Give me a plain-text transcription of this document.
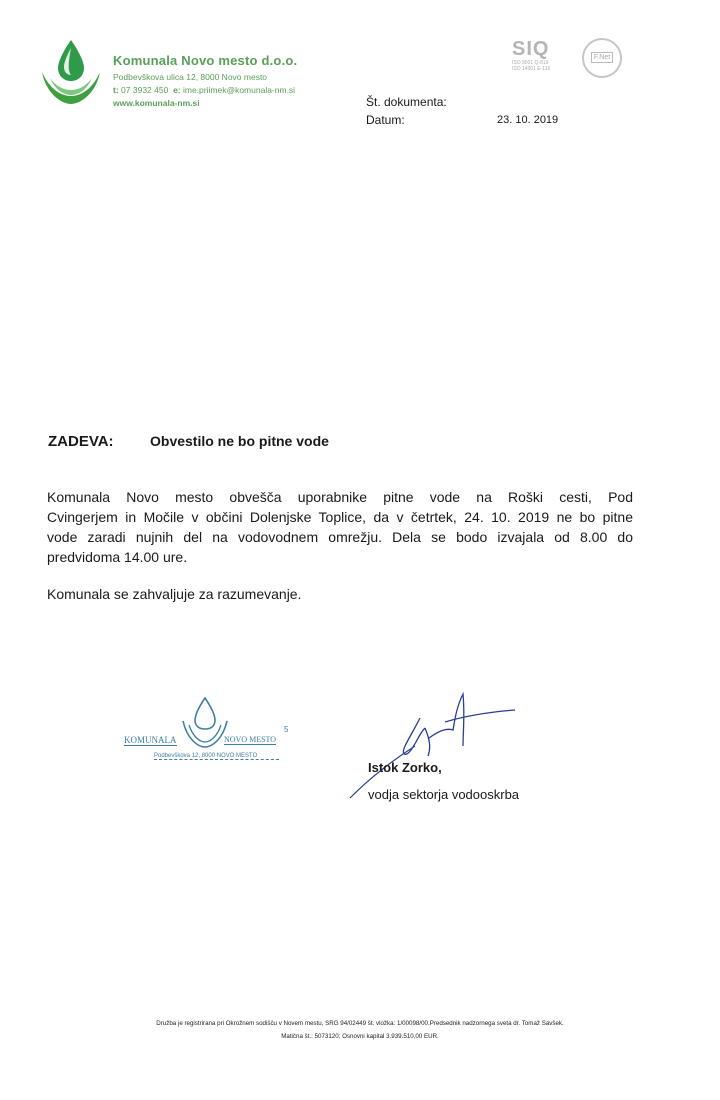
Komunala Novo mesto d.o.o.
Podbevškova ulica 12, 8000 Novo mesto
t: 07 3932 450 e: ime.priimek@komunala-nm.si
www.komunala-nm.si
SIQ
ISO 9001 Q-819
ISO 14001 E-116
F.Net
Št. dokumenta:
Datum:	23. 10. 2019
ZADEVA:	Obvestilo ne bo pitne vode
Komunala Novo mesto obvešča uporabnike pitne vode na Roški cesti, Pod
Cvingerjem in Močile v občini Dolenjske Toplice, da v četrtek, 24. 10. 2019 ne bo pitne
vode zaradi nujnih del na vodovodnem omrežju. Dela se bodo izvajala od 8.00 do
predvidoma 14.00 ure.
Komunala se zahvaljuje za razumevanje.
KOMUNALA	NOVO MESTO
Podbevškova 12, 8000 NOVO MESTO
5
Istok Zorko,
vodja sektorja vodooskrba
Družba je registrirana pri Okrožnem sodišču v Novem mestu, SRG 94/02449 št. vložka: 1/00098/00.Predsednik nadzornega sveta dr. Tomaž Savšek.
Matična št.: 5073120; Osnovni kapital 3.939.510,00 EUR.
